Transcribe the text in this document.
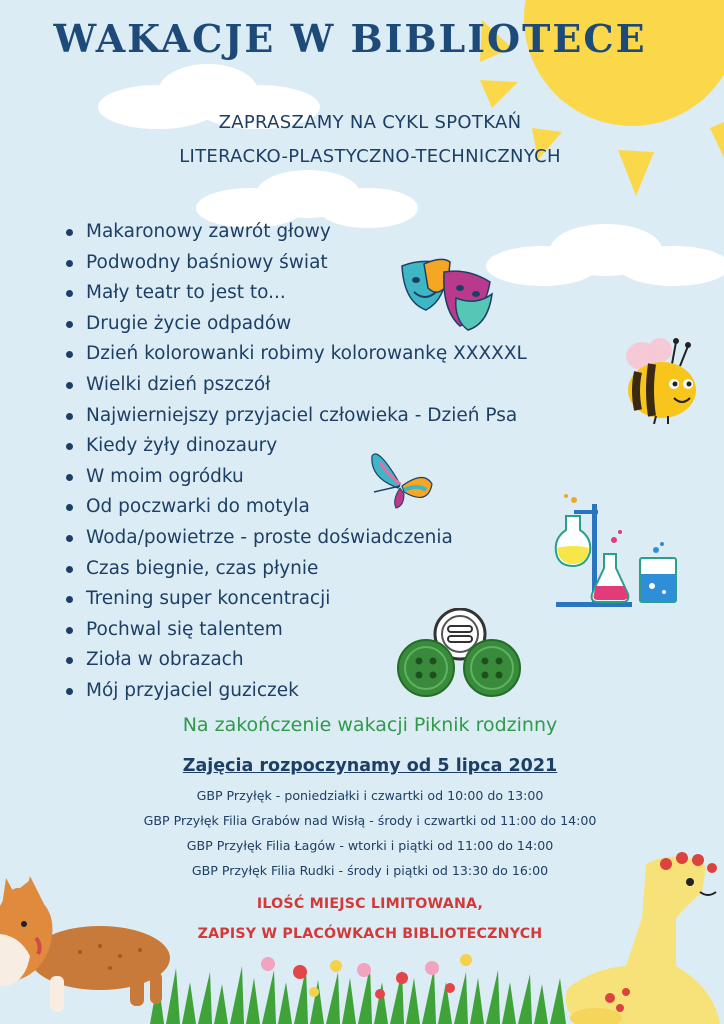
WAKACJE W BIBLIOTECE
ZAPRASZAMY NA CYKL SPOTKAŃ
LITERACKO-PLASTYCZNO-TECHNICZNYCH
Makaronowy zawrót głowy
Podwodny baśniowy świat
Mały teatr to jest to...
Drugie życie odpadów
Dzień kolorowanki robimy kolorowankę XXXXXL
Wielki dzień pszczół
Najwierniejszy przyjaciel człowieka - Dzień Psa
Kiedy żyły dinozaury
W moim ogródku
Od poczwarki do motyla
Woda/powietrze - proste doświadczenia
Czas biegnie, czas płynie
Trening super koncentracji
Pochwal się talentem
Zioła w obrazach
Mój przyjaciel guziczek
Na zakończenie wakacji Piknik rodzinny
Zajęcia rozpoczynamy od 5 lipca 2021
GBP Przyłęk - poniedziałki i czwartki od 10:00 do 13:00
GBP Przyłęk Filia Grabów nad Wisłą - środy i czwartki od 11:00 do 14:00
GBP Przyłęk Filia Łagów - wtorki i piątki od 11:00 do 14:00
GBP Przyłęk Filia Rudki - środy i piątki od 13:30 do 16:00
ILOŚĆ MIEJSC LIMITOWANA,
ZAPISY W PLACÓWKACH BIBLIOTECZNYCH
